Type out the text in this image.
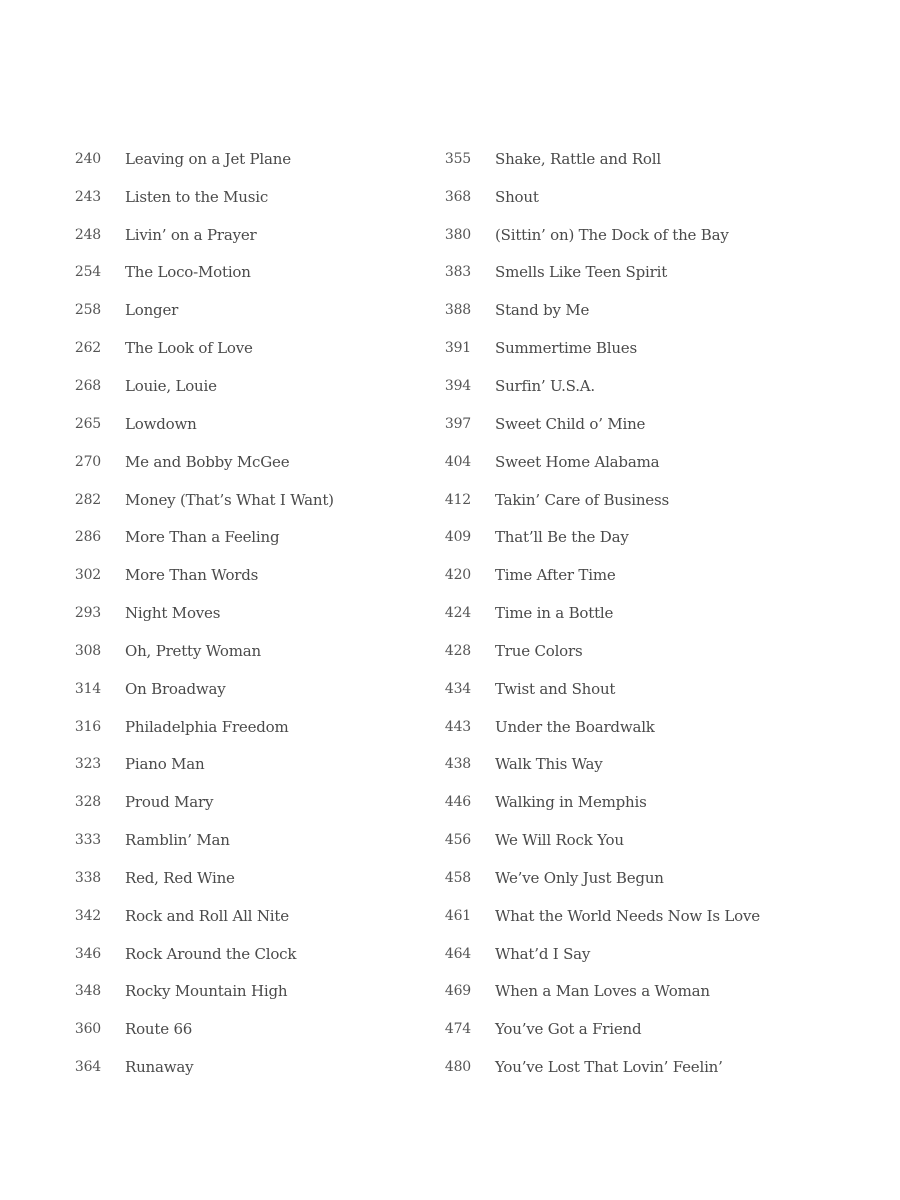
240	Leaving on a Jet Plane
243	Listen to the Music
248	Livin’ on a Prayer
254	The Loco-Motion
258	Longer
262	The Look of Love
268	Louie, Louie
265	Lowdown
270	Me and Bobby McGee
282	Money (That’s What I Want)
286	More Than a Feeling
302	More Than Words
293	Night Moves
308	Oh, Pretty Woman
314	On Broadway
316	Philadelphia Freedom
323	Piano Man
328	Proud Mary
333	Ramblin’ Man
338	Red, Red Wine
342	Rock and Roll All Nite
346	Rock Around the Clock
348	Rocky Mountain High
360	Route 66
364	Runaway
355	Shake, Rattle and Roll
368	Shout
380	(Sittin’ on) The Dock of the Bay
383	Smells Like Teen Spirit
388	Stand by Me
391	Summertime Blues
394	Surfin’ U.S.A.
397	Sweet Child o’ Mine
404	Sweet Home Alabama
412	Takin’ Care of Business
409	That’ll Be the Day
420	Time After Time
424	Time in a Bottle
428	True Colors
434	Twist and Shout
443	Under the Boardwalk
438	Walk This Way
446	Walking in Memphis
456	We Will Rock You
458	We’ve Only Just Begun
461	What the World Needs Now Is Love
464	What’d I Say
469	When a Man Loves a Woman
474	You’ve Got a Friend
480	You’ve Lost That Lovin’ Feelin’
